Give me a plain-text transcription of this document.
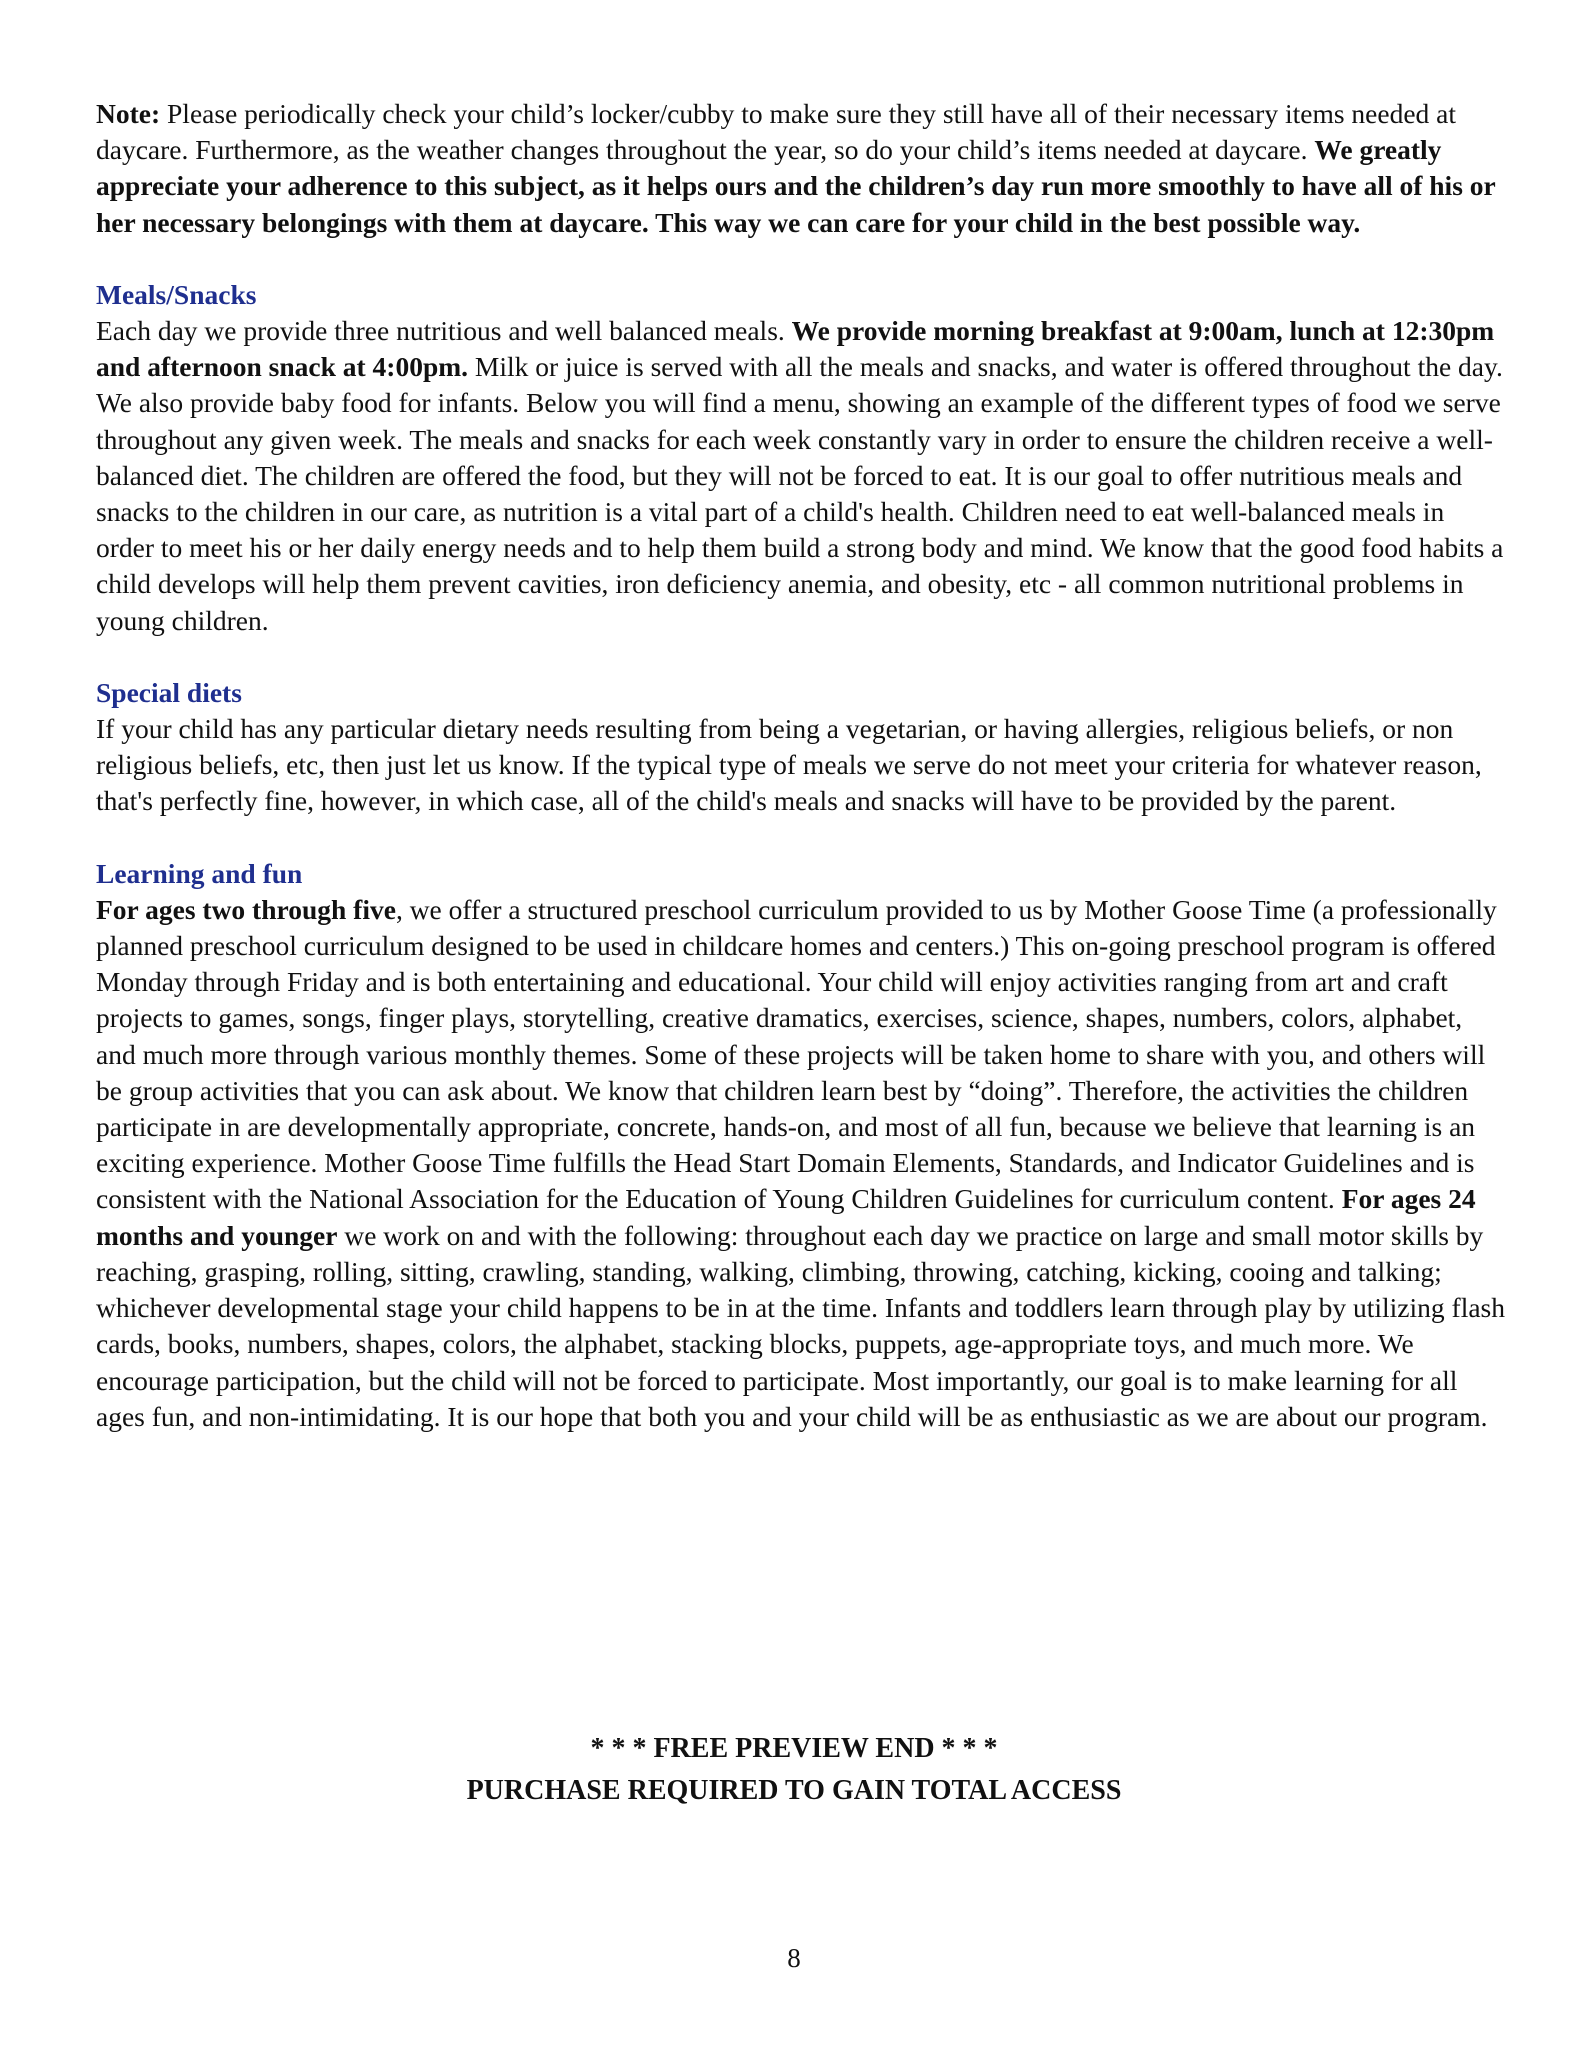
Note: Please periodically check your child’s locker/cubby to make sure they still have all of their necessary items needed at daycare. Furthermore, as the weather changes throughout the year, so do your child’s items needed at daycare. We greatly appreciate your adherence to this subject, as it helps ours and the children’s day run more smoothly to have all of his or her necessary belongings with them at daycare. This way we can care for your child in the best possible way.

Meals/Snacks

Each day we provide three nutritious and well balanced meals. We provide morning breakfast at 9:00am, lunch at 12:30pm and afternoon snack at 4:00pm. Milk or juice is served with all the meals and snacks, and water is offered throughout the day. We also provide baby food for infants. Below you will find a menu, showing an example of the different types of food we serve throughout any given week. The meals and snacks for each week constantly vary in order to ensure the children receive a well-balanced diet. The children are offered the food, but they will not be forced to eat. It is our goal to offer nutritious meals and snacks to the children in our care, as nutrition is a vital part of a child's health. Children need to eat well-balanced meals in order to meet his or her daily energy needs and to help them build a strong body and mind. We know that the good food habits a child develops will help them prevent cavities, iron deficiency anemia, and obesity, etc - all common nutritional problems in young children.

Special diets

If your child has any particular dietary needs resulting from being a vegetarian, or having allergies, religious beliefs, or non religious beliefs, etc, then just let us know. If the typical type of meals we serve do not meet your criteria for whatever reason, that's perfectly fine, however, in which case, all of the child's meals and snacks will have to be provided by the parent.

Learning and fun

For ages two through five, we offer a structured preschool curriculum provided to us by Mother Goose Time (a professionally planned preschool curriculum designed to be used in childcare homes and centers.) This on-going preschool program is offered Monday through Friday and is both entertaining and educational. Your child will enjoy activities ranging from art and craft projects to games, songs, finger plays, storytelling, creative dramatics, exercises, science, shapes, numbers, colors, alphabet, and much more through various monthly themes. Some of these projects will be taken home to share with you, and others will be group activities that you can ask about. We know that children learn best by “doing”. Therefore, the activities the children participate in are developmentally appropriate, concrete, hands-on, and most of all fun, because we believe that learning is an exciting experience. Mother Goose Time fulfills the Head Start Domain Elements, Standards, and Indicator Guidelines and is consistent with the National Association for the Education of Young Children Guidelines for curriculum content. For ages 24 months and younger we work on and with the following: throughout each day we practice on large and small motor skills by reaching, grasping, rolling, sitting, crawling, standing, walking, climbing, throwing, catching, kicking, cooing and talking; whichever developmental stage your child happens to be in at the time. Infants and toddlers learn through play by utilizing flash cards, books, numbers, shapes, colors, the alphabet, stacking blocks, puppets, age-appropriate toys, and much more. We encourage participation, but the child will not be forced to participate. Most importantly, our goal is to make learning for all ages fun, and non-intimidating. It is our hope that both you and your child will be as enthusiastic as we are about our program.

* * * FREE PREVIEW END * * *
PURCHASE REQUIRED TO GAIN TOTAL ACCESS
8
